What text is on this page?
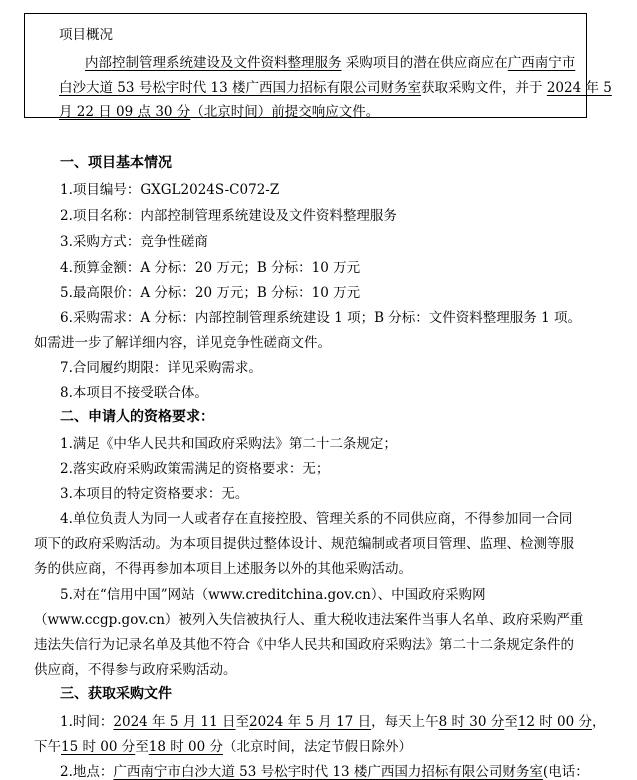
项目概况
内部控制管理系统建设及文件资料整理服务 采购项目的潜在供应商应在广西南宁市
白沙大道 53 号松宇时代 13 楼广西国力招标有限公司财务室获取采购文件，并于 2024 年 5
月 22 日 09 点 30 分（北京时间）前提交响应文件。
一、项目基本情况
1.项目编号：GXGL2024S-C072-Z
2.项目名称：内部控制管理系统建设及文件资料整理服务
3.采购方式：竞争性磋商
4.预算金额：A 分标：20 万元；B 分标：10 万元
5.最高限价：A 分标：20 万元；B 分标：10 万元
6.采购需求：A 分标：内部控制管理系统建设 1 项；B 分标：文件资料整理服务 1 项。
如需进一步了解详细内容，详见竞争性磋商文件。
7.合同履约期限：详见采购需求。
8.本项目不接受联合体。
二、申请人的资格要求：
1.满足《中华人民共和国政府采购法》第二十二条规定；
2.落实政府采购政策需满足的资格要求：无；
3.本项目的特定资格要求：无。
4.单位负责人为同一人或者存在直接控股、管理关系的不同供应商，不得参加同一合同
项下的政府采购活动。为本项目提供过整体设计、规范编制或者项目管理、监理、检测等服
务的供应商，不得再参加本项目上述服务以外的其他采购活动。
5.对在“信用中国”网站（www.creditchina.gov.cn）、中国政府采购网
（www.ccgp.gov.cn）被列入失信被执行人、重大税收违法案件当事人名单、政府采购严重
违法失信行为记录名单及其他不符合《中华人民共和国政府采购法》第二十二条规定条件的
供应商，不得参与政府采购活动。
三、获取采购文件
1.时间：2024 年 5 月 11 日至2024 年 5 月 17 日，每天上午8 时 30 分至12 时 00 分，
下午15 时 00 分至18 时 00 分（北京时间，法定节假日除外）
2.地点：广西南宁市白沙大道 53 号松宇时代 13 楼广西国力招标有限公司财务室(电话：
